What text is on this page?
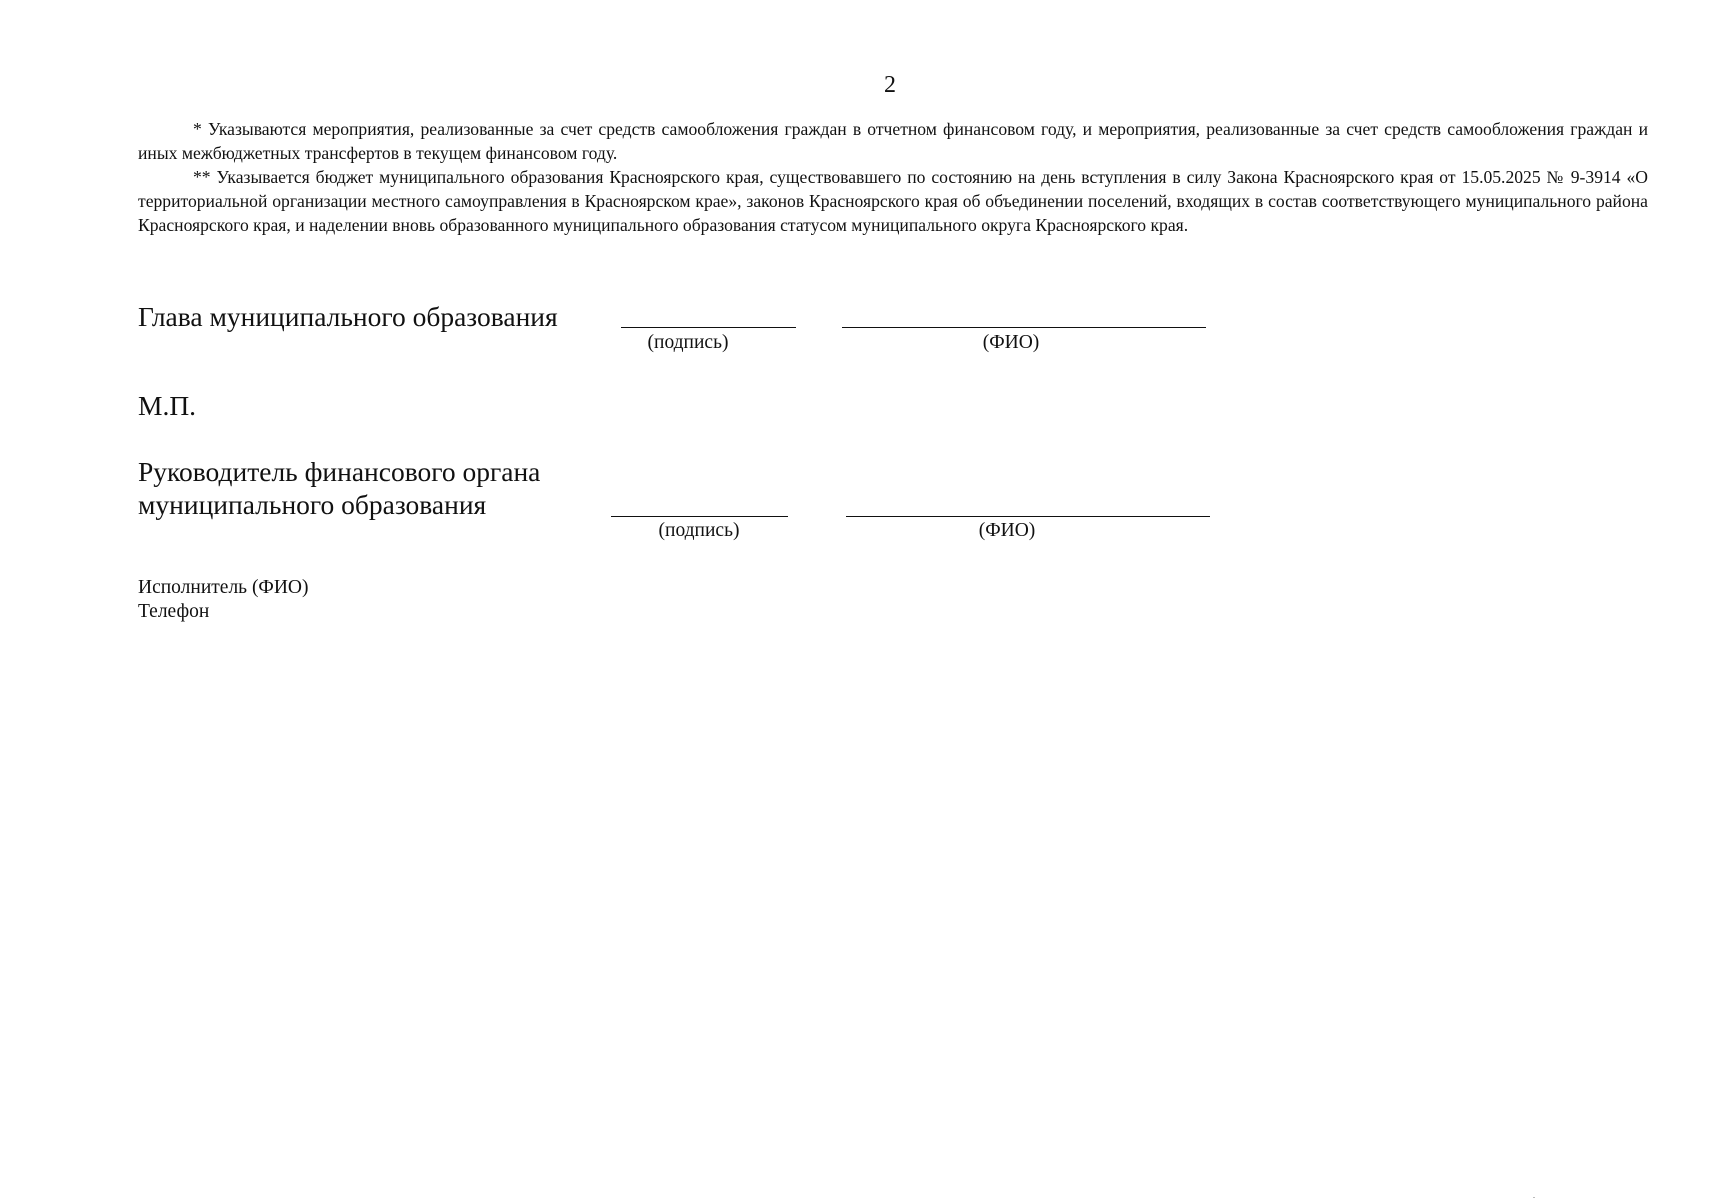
2

* Указываются мероприятия, реализованные за счет средств самообложения граждан в отчетном финансовом году, и мероприятия, реализованные за счет средств самообложения граждан и иных межбюджетных трансфертов в текущем финансовом году.

** Указывается бюджет муниципального образования Красноярского края, существовавшего по состоянию на день вступления в силу Закона Красноярского края от 15.05.2025 № 9-3914 «О территориальной организации местного самоуправления в Красноярском крае», законов Красноярского края об объединении поселений, входящих в состав соответствующего муниципального района Красноярского края, и наделении вновь образованного муниципального образования статусом муниципального округа Красноярского края.

Глава муниципального образования
(подпись)	(ФИО)
М.П.
Руководитель финансового органа
муниципального образования
(подпись)	(ФИО)
Исполнитель (ФИО)
Телефон
